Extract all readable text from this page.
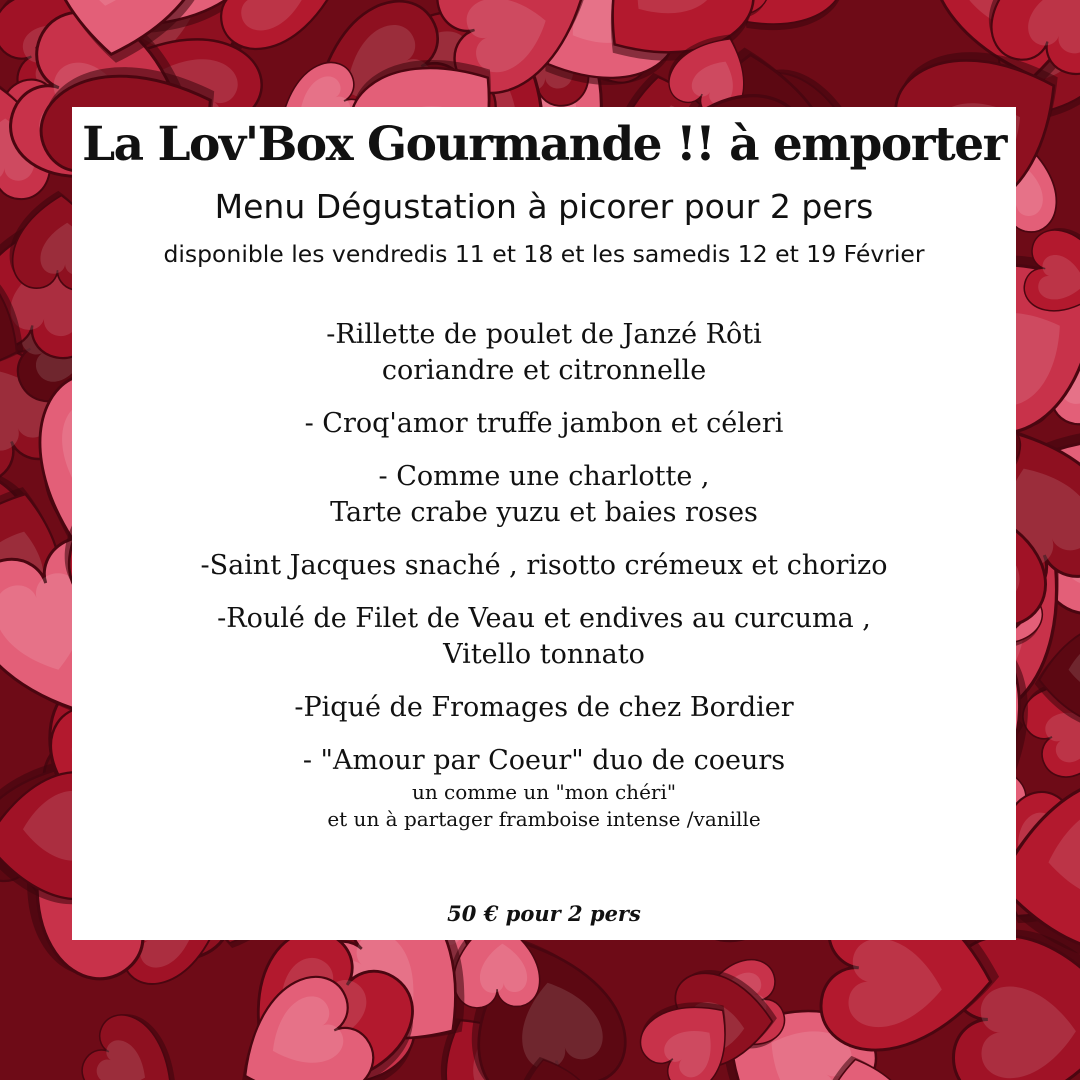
La Lov'Box Gourmande !! à emporter
Menu Dégustation à picorer pour 2 pers
disponible les vendredis 11 et 18 et les samedis 12 et 19 Février
-Rillette de poulet de Janzé Rôti
coriandre et citronnelle
- Croq'amor truffe jambon et céleri
- Comme une charlotte ,
Tarte crabe yuzu et baies roses
-Saint Jacques snaché , risotto crémeux et chorizo
-Roulé de Filet de Veau et endives au curcuma ,
Vitello tonnato
-Piqué de Fromages de chez Bordier
- "Amour par Coeur" duo de coeurs
un comme un "mon chéri"
et un à partager framboise intense /vanille
50 € pour 2 pers
